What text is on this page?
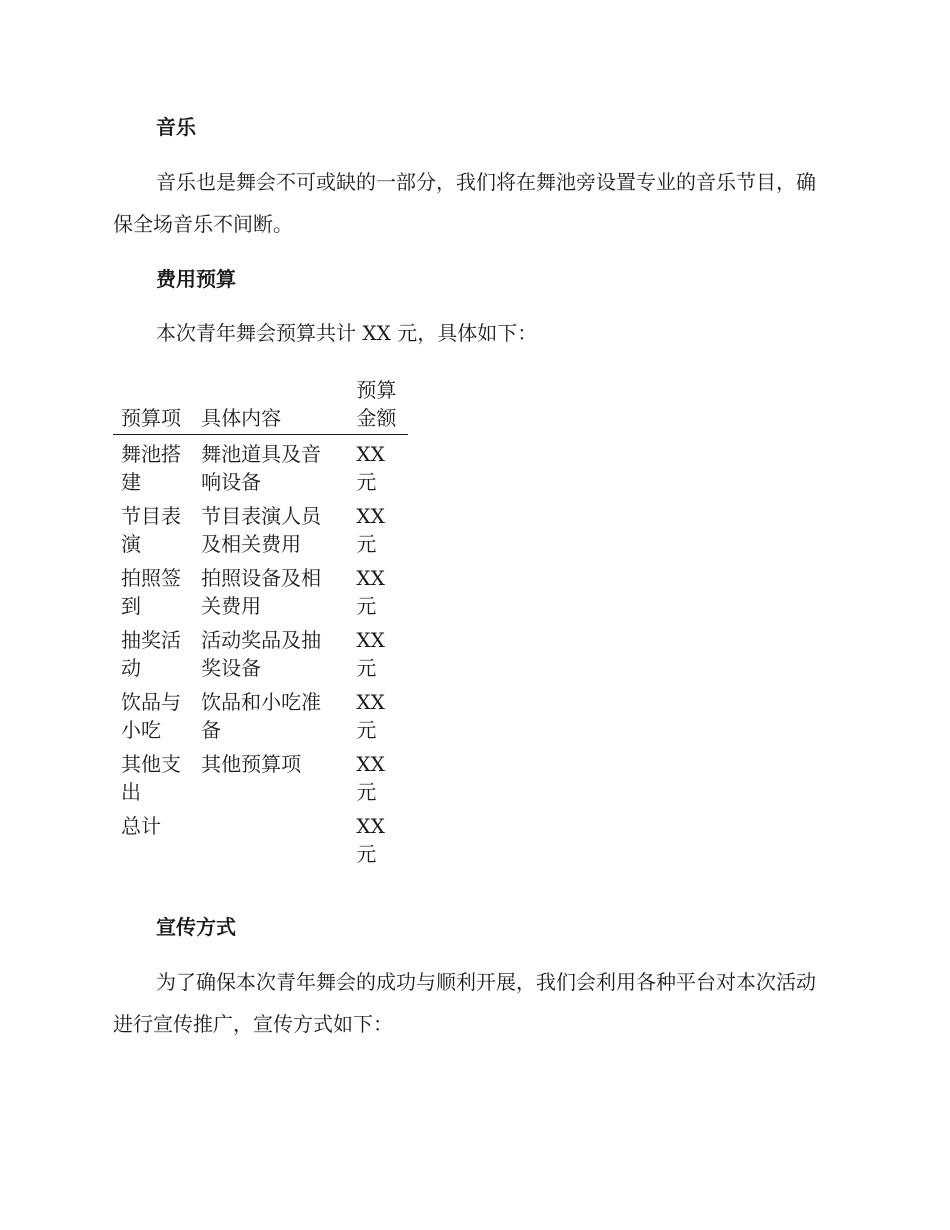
音乐

音乐也是舞会不可或缺的一部分，我们将在舞池旁设置专业的音乐节目，确保全场音乐不间断。

费用预算

本次青年舞会预算共计 XX 元，具体如下：

预算项	具体内容	预算金额

舞池搭建	舞池道具及音响设备	XX 元

节目表演	节目表演人员及相关费用	XX 元

拍照签到	拍照设备及相关费用	XX 元

抽奖活动	活动奖品及抽奖设备	XX 元

饮品与小吃	饮品和小吃准备	XX 元

其他支出	其他预算项	XX 元

总计		XX 元
宣传方式

为了确保本次青年舞会的成功与顺利开展，我们会利用各种平台对本次活动进行宣传推广，宣传方式如下：
